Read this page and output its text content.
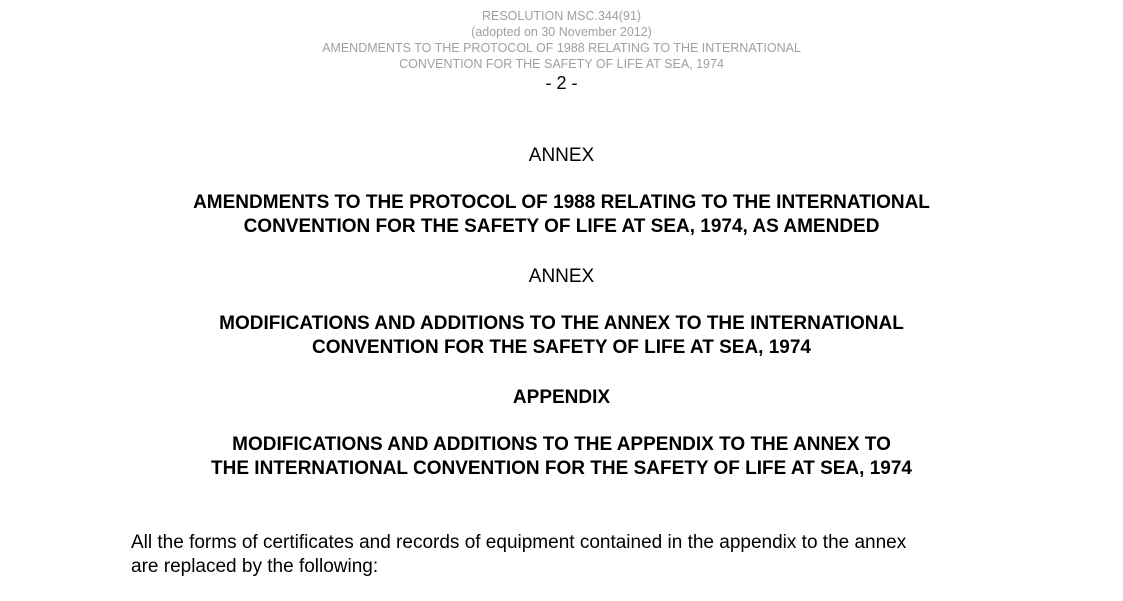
RESOLUTION MSC.344(91)
(adopted on 30 November 2012)
AMENDMENTS TO THE PROTOCOL OF 1988 RELATING TO THE INTERNATIONAL
CONVENTION FOR THE SAFETY OF LIFE AT SEA, 1974
- 2 -
ANNEX
AMENDMENTS TO THE PROTOCOL OF 1988 RELATING TO THE INTERNATIONAL
CONVENTION FOR THE SAFETY OF LIFE AT SEA, 1974, AS AMENDED
ANNEX
MODIFICATIONS AND ADDITIONS TO THE ANNEX TO THE INTERNATIONAL
CONVENTION FOR THE SAFETY OF LIFE AT SEA, 1974
APPENDIX
MODIFICATIONS AND ADDITIONS TO THE APPENDIX TO THE ANNEX TO
THE INTERNATIONAL CONVENTION FOR THE SAFETY OF LIFE AT SEA, 1974
All the forms of certificates and records of equipment contained in the appendix to the annex
are replaced by the following:
